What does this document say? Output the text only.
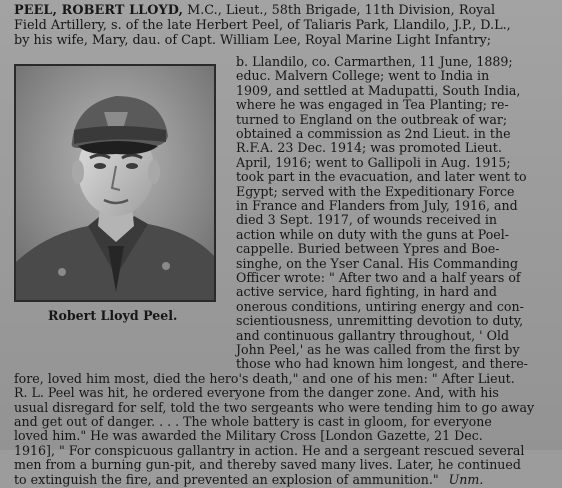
PEEL, ROBERT LLOYD, M.C., Lieut., 58th Brigade, 11th Division, Royal
Field Artillery, s. of the late Herbert Peel, of Taliaris Park, Llandilo, J.P., D.L.,
by his wife, Mary, dau. of Capt. William Lee, Royal Marine Light Infantry;
b. Llandilo, co. Carmarthen, 11 June, 1889;
educ. Malvern College; went to India in
1909, and settled at Madupatti, South India,
where he was engaged in Tea Planting; re-
turned to England on the outbreak of war;
obtained a commission as 2nd Lieut. in the
R.F.A. 23 Dec. 1914; was promoted Lieut.
April, 1916; went to Gallipoli in Aug. 1915;
took part in the evacuation, and later went to
Egypt; served with the Expeditionary Force
in France and Flanders from July, 1916, and
died 3 Sept. 1917, of wounds received in
action while on duty with the guns at Poel-
cappelle. Buried between Ypres and Boe-
singhe, on the Yser Canal. His Commanding
Officer wrote: " After two and a half years of
active service, hard fighting, in hard and
onerous conditions, untiring energy and con-
scientiousness, unremitting devotion to duty,
and continuous gallantry throughout, ' Old
John Peel,' as he was called from the first by
those who had known him longest, and there-
Robert Lloyd Peel.
fore, loved him most, died the hero's death," and one of his men: " After Lieut.
R. L. Peel was hit, he ordered everyone from the danger zone. And, with his
usual disregard for self, told the two sergeants who were tending him to go away
and get out of danger. . . . The whole battery is cast in gloom, for everyone
loved him." He was awarded the Military Cross [London Gazette, 21 Dec.
1916], " For conspicuous gallantry in action. He and a sergeant rescued several
men from a burning gun-pit, and thereby saved many lives. Later, he continued
to extinguish the fire, and prevented an explosion of ammunition." Unm.
